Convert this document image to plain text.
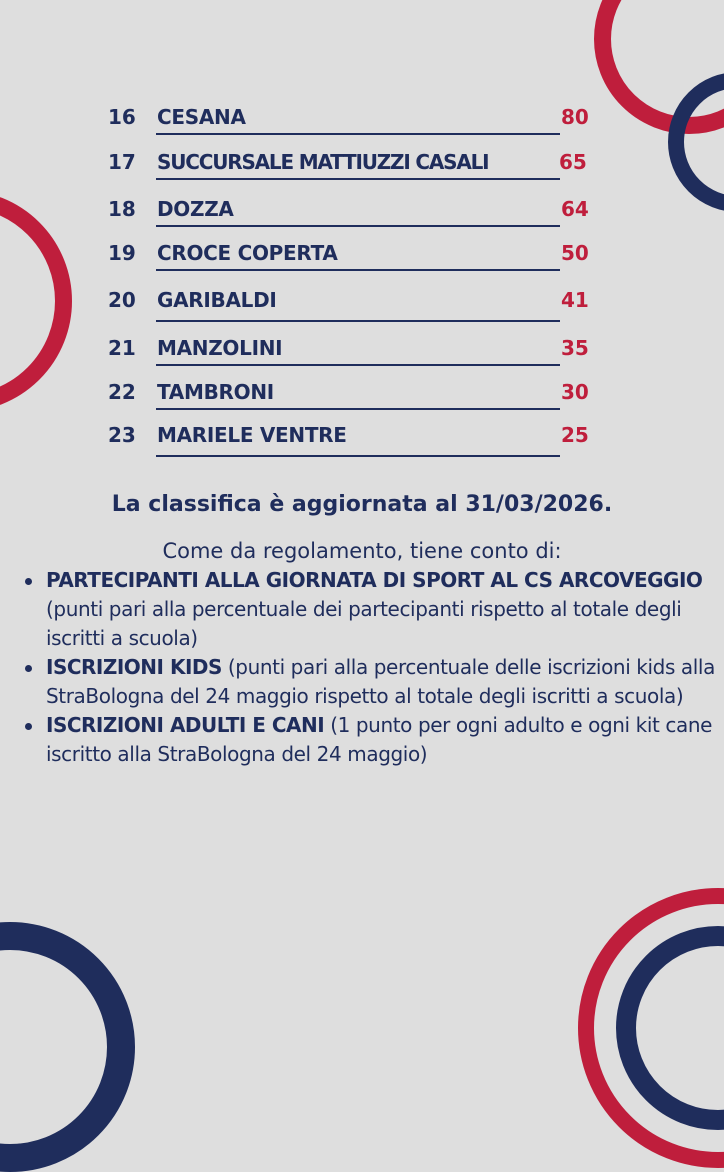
16	CESANA	80
17	SUCCURSALE MATTIUZZI CASALI	65
18	DOZZA	64
19	CROCE COPERTA	50
20	GARIBALDI	41
21	MANZOLINI	35
22	TAMBRONI	30
23	MARIELE VENTRE	25
La classifica è aggiornata al 31/03/2026.
Come da regolamento, tiene conto di:
PARTECIPANTI ALLA GIORNATA DI SPORT AL CS ARCOVEGGIO (punti pari alla percentuale dei partecipanti rispetto al totale degli iscritti a scuola)
ISCRIZIONI KIDS (punti pari alla percentuale delle iscrizioni kids alla StraBologna del 24 maggio rispetto al totale degli iscritti a scuola)
ISCRIZIONI ADULTI E CANI (1 punto per ogni adulto e ogni kit cane iscritto alla StraBologna del 24 maggio)
